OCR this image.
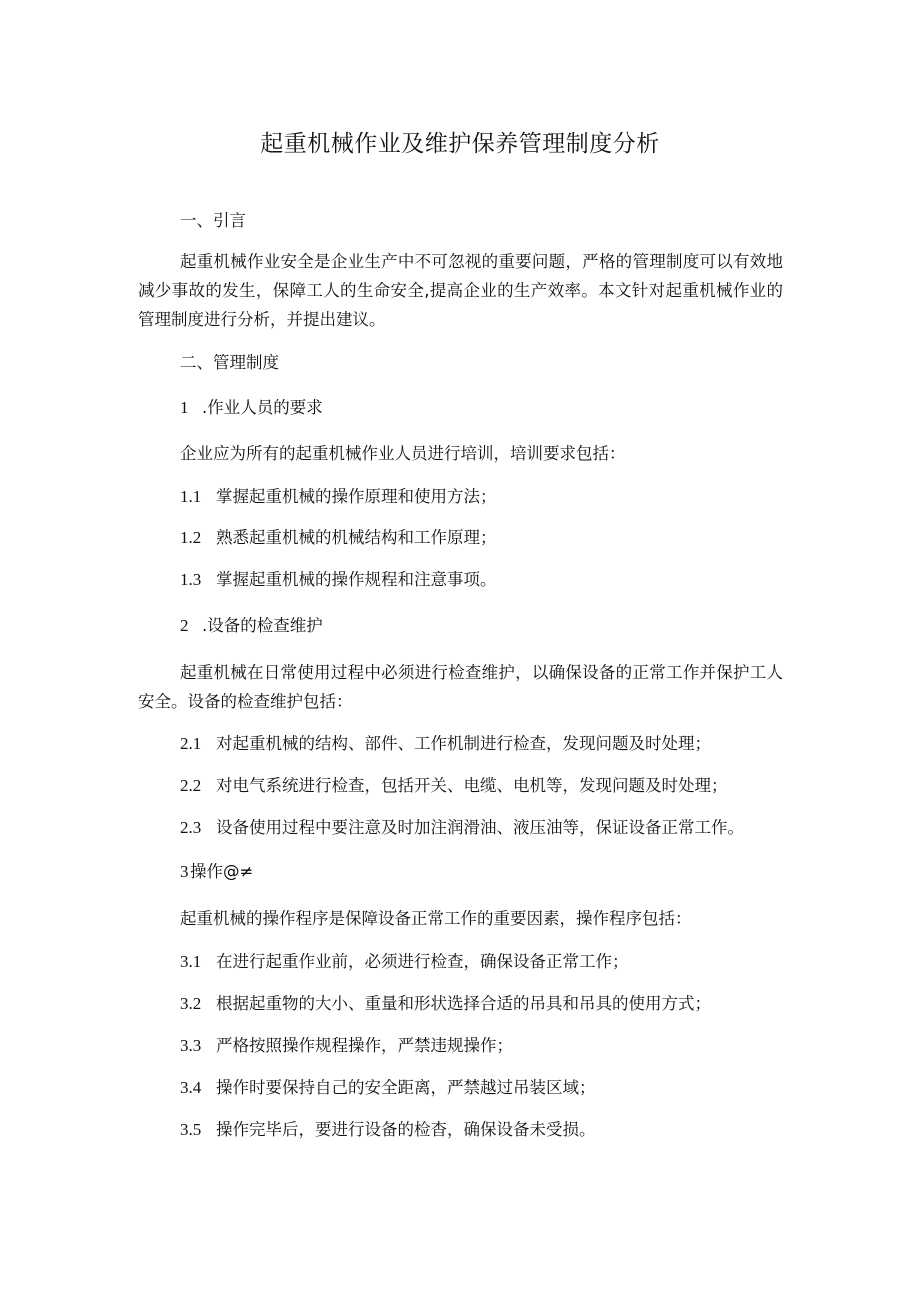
起重机械作业及维护保养管理制度分析
一、引言
起重机械作业安全是企业生产中不可忽视的重要问题，严格的管理制度可以有效地减少事故的发生，保障工人的生命安全,提高企业的生产效率。本文针对起重机械作业的管理制度进行分析，并提出建议。
二、管理制度
1 .作业人员的要求
企业应为所有的起重机械作业人员进行培训，培训要求包括：
1.1 掌握起重机械的操作原理和使用方法；
1.2 熟悉起重机械的机械结构和工作原理；
1.3 掌握起重机械的操作规程和注意事项。
2 .设备的检查维护
起重机械在日常使用过程中必须进行检查维护，以确保设备的正常工作并保护工人安全。设备的检查维护包括：
2.1 对起重机械的结构、部件、工作机制进行检查，发现问题及时处理；
2.2 对电气系统进行检查，包括开关、电缆、电机等，发现问题及时处理；
2.3 设备使用过程中要注意及时加注润滑油、液压油等，保证设备正常工作。
3操作@≠
起重机械的操作程序是保障设备正常工作的重要因素，操作程序包括：
3.1 在进行起重作业前，必须进行检查，确保设备正常工作；
3.2 根据起重物的大小、重量和形状选择合适的吊具和吊具的使用方式；
3.3 严格按照操作规程操作，严禁违规操作；
3.4 操作时要保持自己的安全距离，严禁越过吊装区域；
3.5 操作完毕后，要进行设备的检杳，确保设备未受损。
